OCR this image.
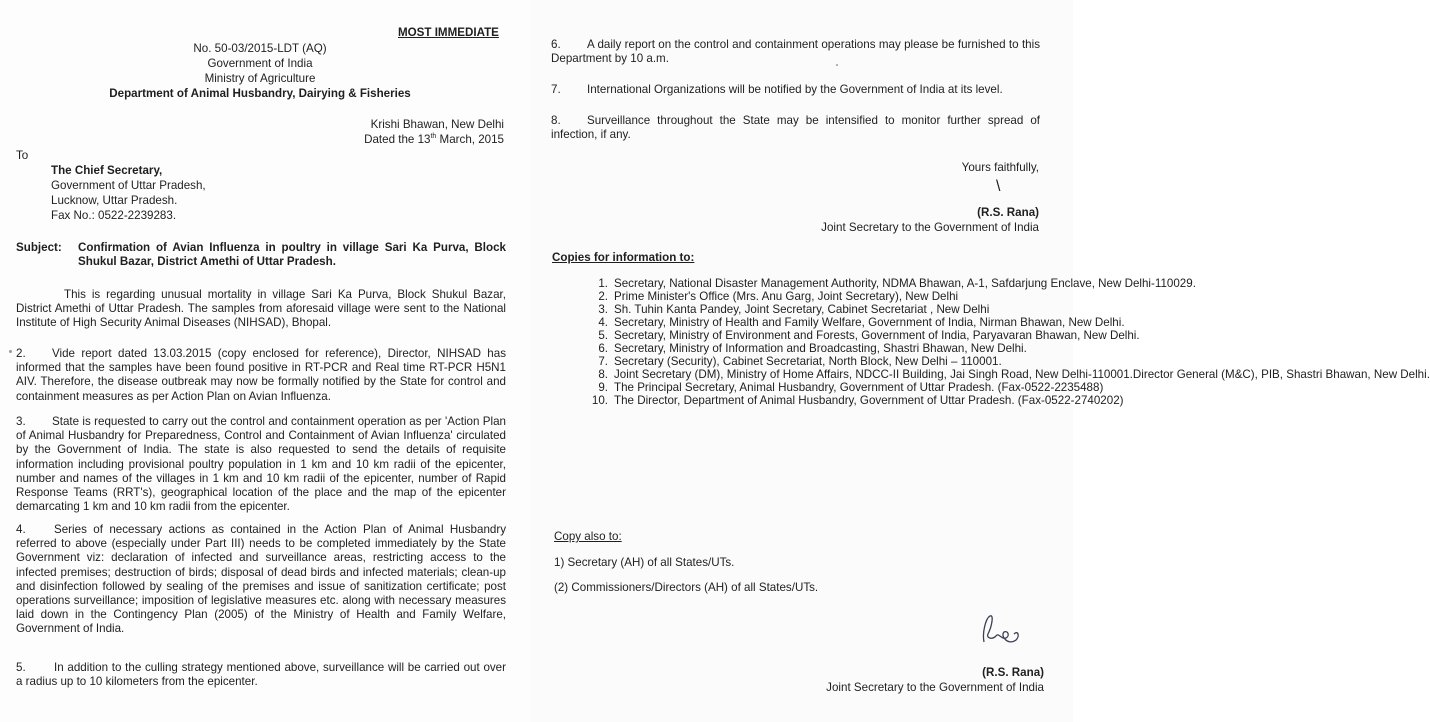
MOST IMMEDIATE
No. 50-03/2015-LDT (AQ)
Government of India
Ministry of Agriculture
Department of Animal Husbandry, Dairying & Fisheries
Krishi Bhawan, New Delhi
Dated the 13th March, 2015
To
The Chief Secretary,
Government of Uttar Pradesh,
Lucknow, Uttar Pradesh.
Fax No.: 0522-2239283.
Subject: Confirmation of Avian Influenza in poultry in village Sari Ka Purva, Block Shukul Bazar, District Amethi of Uttar Pradesh.
This is regarding unusual mortality in village Sari Ka Purva, Block Shukul Bazar, District Amethi of Uttar Pradesh. The samples from aforesaid village were sent to the National Institute of High Security Animal Diseases (NIHSAD), Bhopal.
2.	Vide report dated 13.03.2015 (copy enclosed for reference), Director, NIHSAD has informed that the samples have been found positive in RT-PCR and Real time RT-PCR H5N1 AIV. Therefore, the disease outbreak may now be formally notified by the State for control and containment measures as per Action Plan on Avian Influenza.
3.	State is requested to carry out the control and containment operation as per 'Action Plan of Animal Husbandry for Preparedness, Control and Containment of Avian Influenza' circulated by the Government of India. The state is also requested to send the details of requisite information including provisional poultry population in 1 km and 10 km radii of the epicenter, number and names of the villages in 1 km and 10 km radii of the epicenter, number of Rapid Response Teams (RRT's), geographical location of the place and the map of the epicenter demarcating 1 km and 10 km radii from the epicenter.
4.	Series of necessary actions as contained in the Action Plan of Animal Husbandry referred to above (especially under Part III) needs to be completed immediately by the State Government viz: declaration of infected and surveillance areas, restricting access to the infected premises; destruction of birds; disposal of dead birds and infected materials; clean-up and disinfection followed by sealing of the premises and issue of sanitization certificate; post operations surveillance; imposition of legislative measures etc. along with necessary measures laid down in the Contingency Plan (2005) of the Ministry of Health and Family Welfare, Government of India.
5.	In addition to the culling strategy mentioned above, surveillance will be carried out over a radius up to 10 kilometers from the epicenter.
6.	A daily report on the control and containment operations may please be furnished to this Department by 10 a.m.
7.	International Organizations will be notified by the Government of India at its level.
8.	Surveillance throughout the State may be intensified to monitor further spread of infection, if any.
Yours faithfully,
\
(R.S. Rana)
Joint Secretary to the Government of India
Copies for information to:
1. Secretary, National Disaster Management Authority, NDMA Bhawan, A-1, Safdarjung Enclave, New Delhi-110029.
2. Prime Minister's Office (Mrs. Anu Garg, Joint Secretary), New Delhi
3. Sh. Tuhin Kanta Pandey, Joint Secretary, Cabinet Secretariat , New Delhi
4. Secretary, Ministry of Health and Family Welfare, Government of India, Nirman Bhawan, New Delhi.
5. Secretary, Ministry of Environment and Forests, Government of India, Paryavaran Bhawan, New Delhi.
6. Secretary, Ministry of Information and Broadcasting, Shastri Bhawan, New Delhi.
7. Secretary (Security), Cabinet Secretariat, North Block, New Delhi – 110001.
8. Joint Secretary (DM), Ministry of Home Affairs, NDCC-II Building, Jai Singh Road, New Delhi-110001.Director General (M&C), PIB, Shastri Bhawan, New Delhi.
9. The Principal Secretary, Animal Husbandry, Government of Uttar Pradesh. (Fax-0522-2235488)
10. The Director, Department of Animal Husbandry, Government of Uttar Pradesh. (Fax-0522-2740202)
Copy also to:
1) Secretary (AH) of all States/UTs.
(2) Commissioners/Directors (AH) of all States/UTs.
(R.S. Rana)
Joint Secretary to the Government of India
